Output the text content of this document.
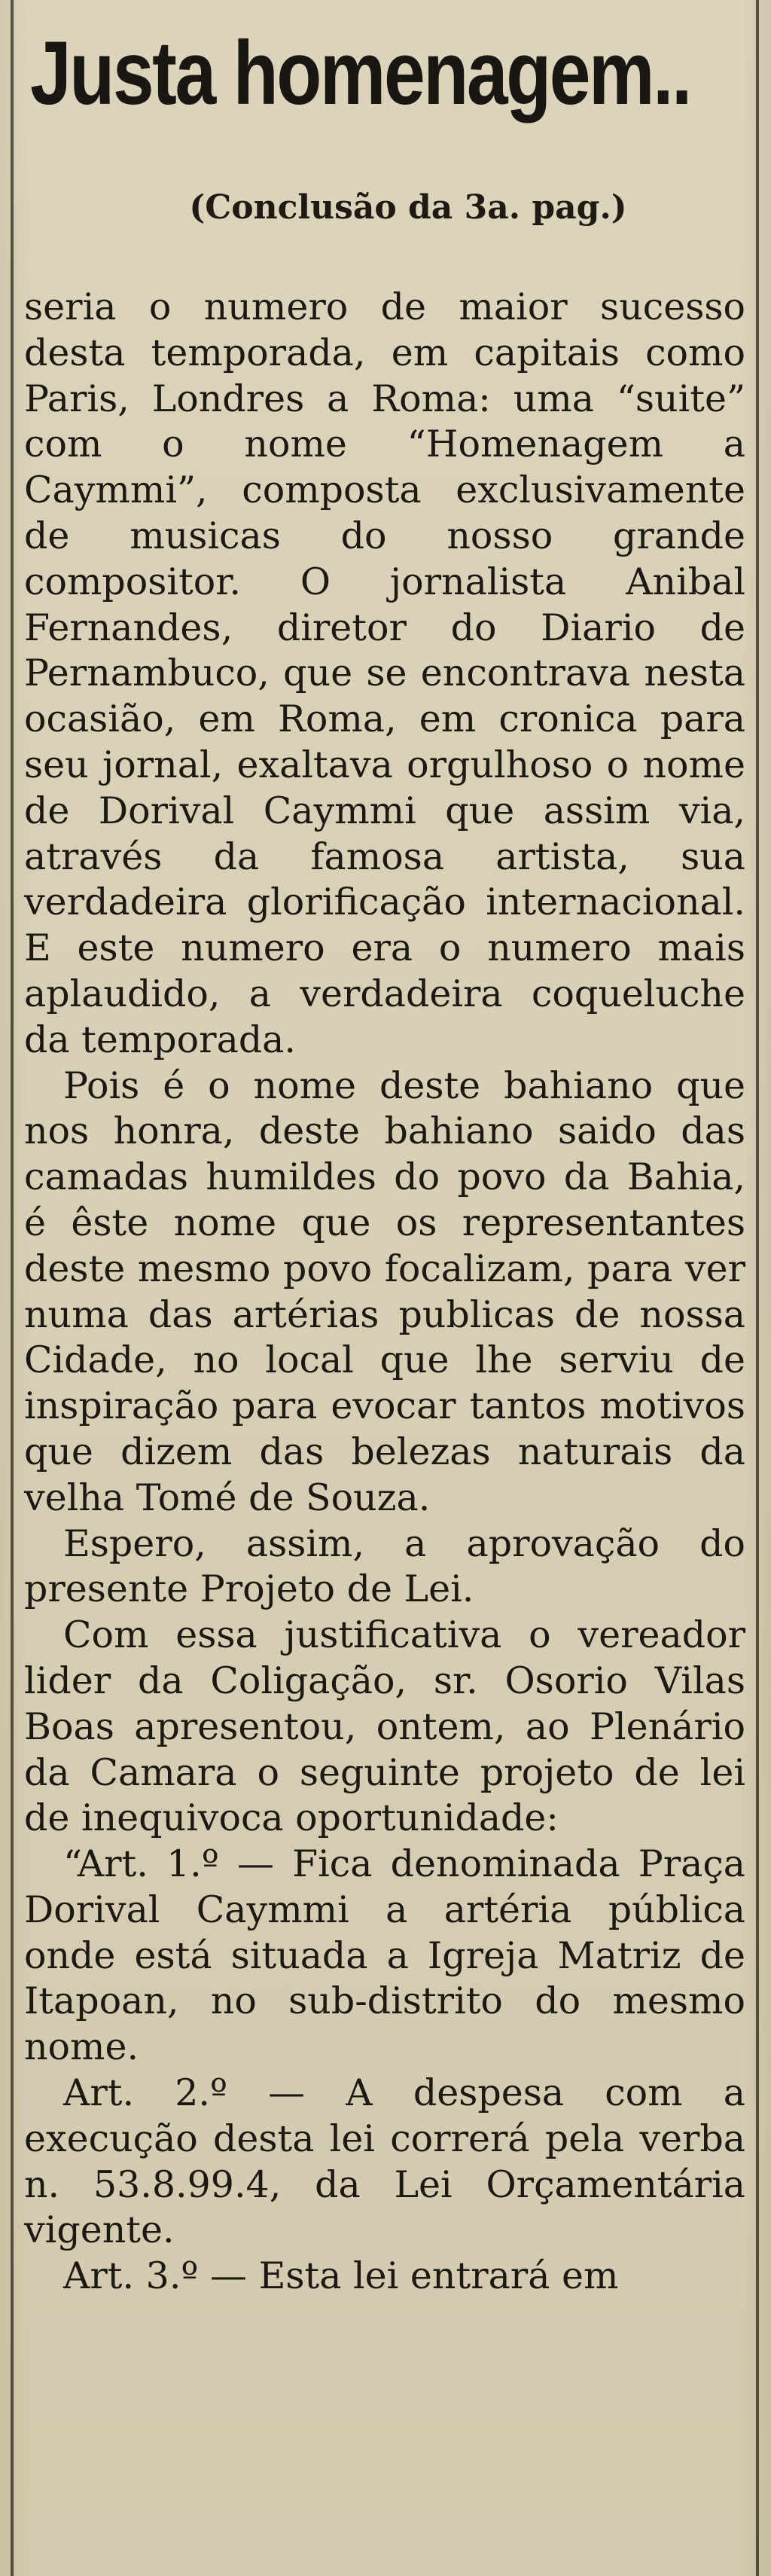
Justa homenagem..
(Conclusão da 3a. pag.)

seria o numero de maior sucesso desta temporada, em capitais como Paris, Londres a Roma: uma “suite” com o nome “Homenagem a Caymmi”, composta exclusivamente de musicas do nosso grande compositor. O jornalista Anibal Fernandes, diretor do Diario de Pernambuco, que se encontrava nesta ocasião, em Roma, em cronica para seu jornal, exaltava orgulhoso o nome de Dorival Caymmi que assim via, através da famosa artista, sua verdadeira glorificação internacional. E este numero era o numero mais aplaudido, a verdadeira coqueluche da temporada.

Pois é o nome deste bahiano que nos honra, deste bahiano saido das camadas humildes do povo da Bahia, é êste nome que os representantes deste mesmo povo focalizam, para ver numa das artérias publicas de nossa Cidade, no local que lhe serviu de inspiração para evocar tantos motivos que dizem das belezas naturais da velha Tomé de Souza.

Espero, assim, a aprovação do presente Projeto de Lei.

Com essa justificativa o vereador lider da Coligação, sr. Osorio Vilas Boas apresentou, ontem, ao Plenário da Camara o seguinte projeto de lei de inequivoca oportunidade:

“Art. 1.º — Fica denominada Praça Dorival Caymmi a artéria pública onde está situada a Igreja Matriz de Itapoan, no sub-distrito do mesmo nome.

Art. 2.º — A despesa com a execução desta lei correrá pela verba n. 53.8.99.4, da Lei Orçamentária vigente.

Art. 3.º — Esta lei entrará em
